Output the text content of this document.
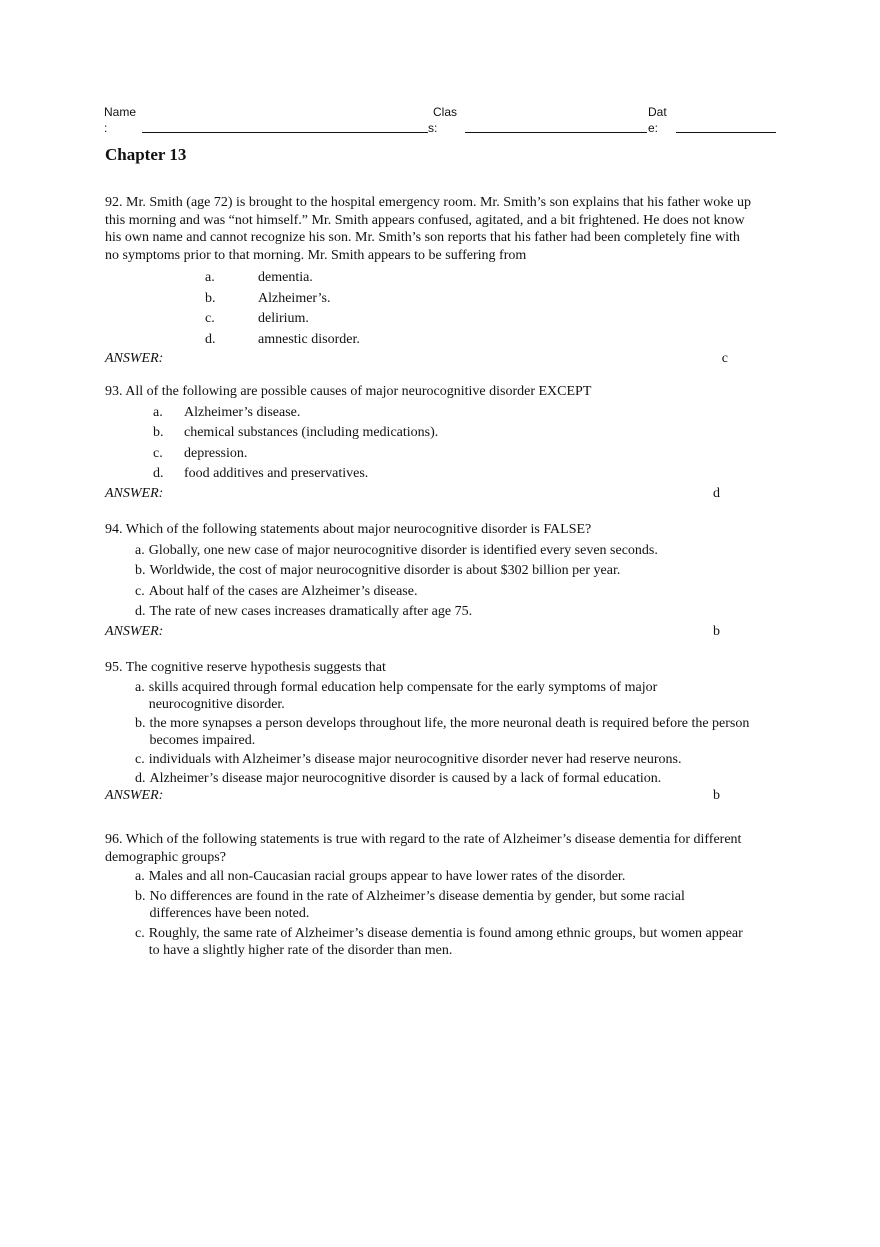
Name
:
Clas
s:
Dat
e:
Chapter 13

92. Mr. Smith (age 72) is brought to the hospital emergency room. Mr. Smith’s son explains that his father woke up this morning and was “not himself.” Mr. Smith appears confused, agitated, and a bit frightened. He does not know his own name and cannot recognize his son. Mr. Smith’s son reports that his father had been completely fine with no symptoms prior to that morning. Mr. Smith appears to be suffering from

a.	dementia.
b.	Alzheimer’s.
c.	delirium.
d.	amnestic disorder.
ANSWER:	c

93. All of the following are possible causes of major neurocognitive disorder EXCEPT

a.	Alzheimer’s disease.
b.	chemical substances (including medications).
c.	depression.
d.	food additives and preservatives.
ANSWER:	d

94. Which of the following statements about major neurocognitive disorder is FALSE?

a. Globally, one new case of major neurocognitive disorder is identified every seven seconds.
b. Worldwide, the cost of major neurocognitive disorder is about $302 billion per year.
c. About half of the cases are Alzheimer’s disease.
d. The rate of new cases increases dramatically after age 75.
ANSWER:	b

95. The cognitive reserve hypothesis suggests that

a. skills acquired through formal education help compensate for the early symptoms of major neurocognitive disorder.
b. the more synapses a person develops throughout life, the more neuronal death is required before the person becomes impaired.
c. individuals with Alzheimer’s disease major neurocognitive disorder never had reserve neurons.
d. Alzheimer’s disease major neurocognitive disorder is caused by a lack of formal education.
ANSWER:	b

96. Which of the following statements is true with regard to the rate of Alzheimer’s disease dementia for different demographic groups?

a. Males and all non-Caucasian racial groups appear to have lower rates of the disorder.
b. No differences are found in the rate of Alzheimer’s disease dementia by gender, but some racial differences have been noted.
c. Roughly, the same rate of Alzheimer’s disease dementia is found among ethnic groups, but women appear to have a slightly higher rate of the disorder than men.
